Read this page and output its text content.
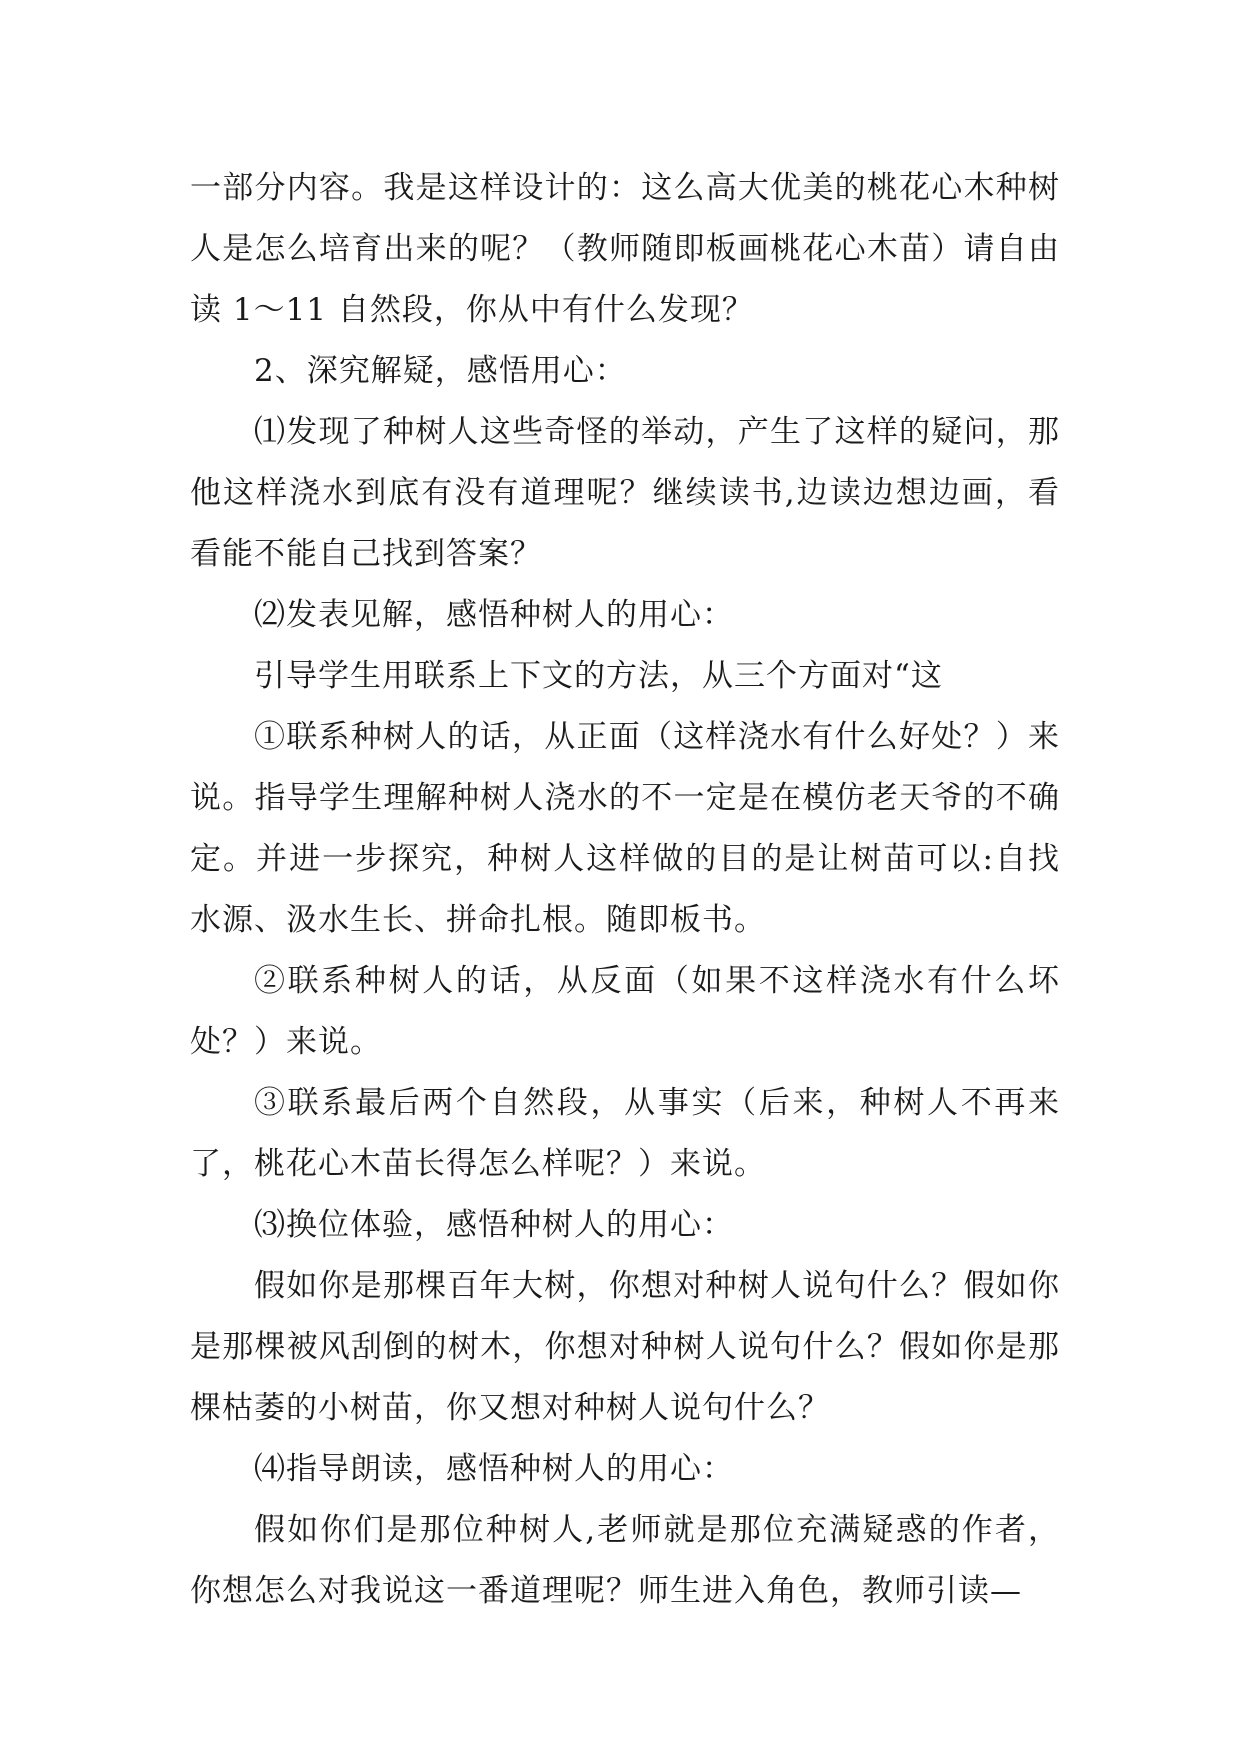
一部分内容。我是这样设计的：这么高大优美的桃花心木种树人是怎么培育出来的呢？（教师随即板画桃花心木苗）请自由读 1～11 自然段，你从中有什么发现？

2、深究解疑，感悟用心：

⑴发现了种树人这些奇怪的举动，产生了这样的疑问，那他这样浇水到底有没有道理呢？继续读书,边读边想边画，看看能不能自己找到答案？

⑵发表见解，感悟种树人的用心：

引导学生用联系上下文的方法，从三个方面对“这

①联系种树人的话，从正面（这样浇水有什么好处？）来说。指导学生理解种树人浇水的不一定是在模仿老天爷的不确定。并进一步探究，种树人这样做的目的是让树苗可以:自找水源、汲水生长、拼命扎根。随即板书。

②联系种树人的话，从反面（如果不这样浇水有什么坏处？）来说。

③联系最后两个自然段，从事实（后来，种树人不再来了，桃花心木苗长得怎么样呢？）来说。

⑶换位体验，感悟种树人的用心：

假如你是那棵百年大树，你想对种树人说句什么？假如你是那棵被风刮倒的树木，你想对种树人说句什么？假如你是那棵枯萎的小树苗，你又想对种树人说句什么？

⑷指导朗读，感悟种树人的用心：

假如你们是那位种树人,老师就是那位充满疑惑的作者，你想怎么对我说这一番道理呢？师生进入角色，教师引读—
